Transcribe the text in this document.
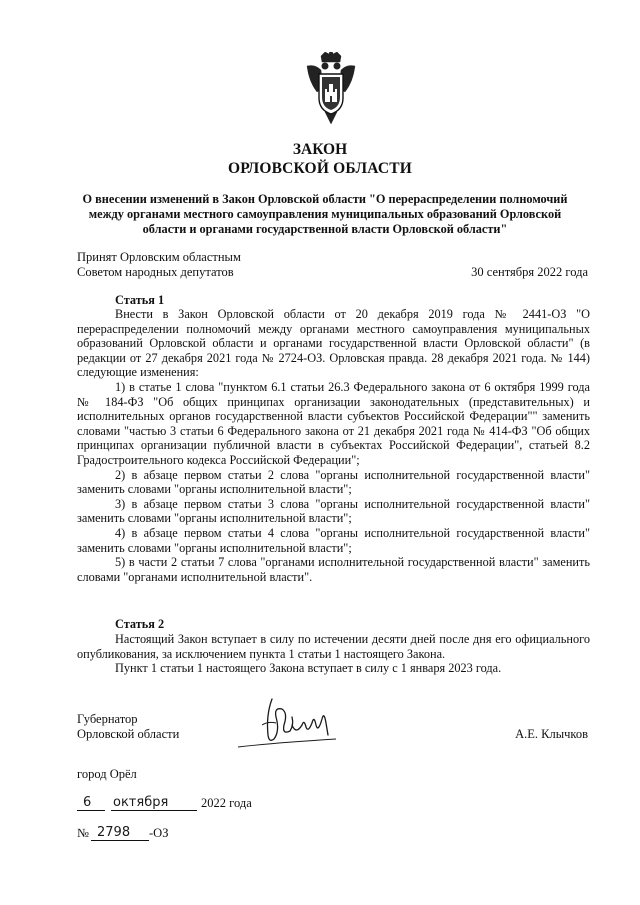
ЗАКОН
ОРЛОВСКОЙ ОБЛАСТИ
О внесении изменений в Закон Орловской области "О перераспределении полномочий между органами местного самоуправления муниципальных образований Орловской области и органами государственной власти Орловской области"
Принят Орловским областным
Советом народных депутатов	30 сентября 2022 года
Статья 1

Внести в Закон Орловской области от 20 декабря 2019 года № 2441-ОЗ "О перераспределении полномочий между органами местного самоуправления муниципальных образований Орловской области и органами государственной власти Орловской области" (в редакции от 27 декабря 2021 года № 2724-ОЗ. Орловская правда. 28 декабря 2021 года. № 144) следующие изменения:

1) в статье 1 слова "пунктом 6.1 статьи 26.3 Федерального закона от 6 октября 1999 года № 184-ФЗ "Об общих принципах организации законодательных (представительных) и исполнительных органов государственной власти субъектов Российской Федерации"" заменить словами "частью 3 статьи 6 Федерального закона от 21 декабря 2021 года № 414-ФЗ "Об общих принципах организации публичной власти в субъектах Российской Федерации", статьей 8.2 Градостроительного кодекса Российской Федерации";

2) в абзаце первом статьи 2 слова "органы исполнительной государственной власти" заменить словами "органы исполнительной власти";

3) в абзаце первом статьи 3 слова "органы исполнительной государственной власти" заменить словами "органы исполнительной власти";

4) в абзаце первом статьи 4 слова "органы исполнительной государственной власти" заменить словами "органы исполнительной власти";

5) в части 2 статьи 7 слова "органами исполнительной государственной власти" заменить словами "органами исполнительной власти".

Статья 2

Настоящий Закон вступает в силу по истечении десяти дней после дня его официального опубликования, за исключением пункта 1 статьи 1 настоящего Закона.

Пункт 1 статьи 1 настоящего Закона вступает в силу с 1 января 2023 года.

Губернатор
Орловской области	А.Е. Клычков
город Орёл
6 октября	2022 года
№ 2798 -ОЗ
